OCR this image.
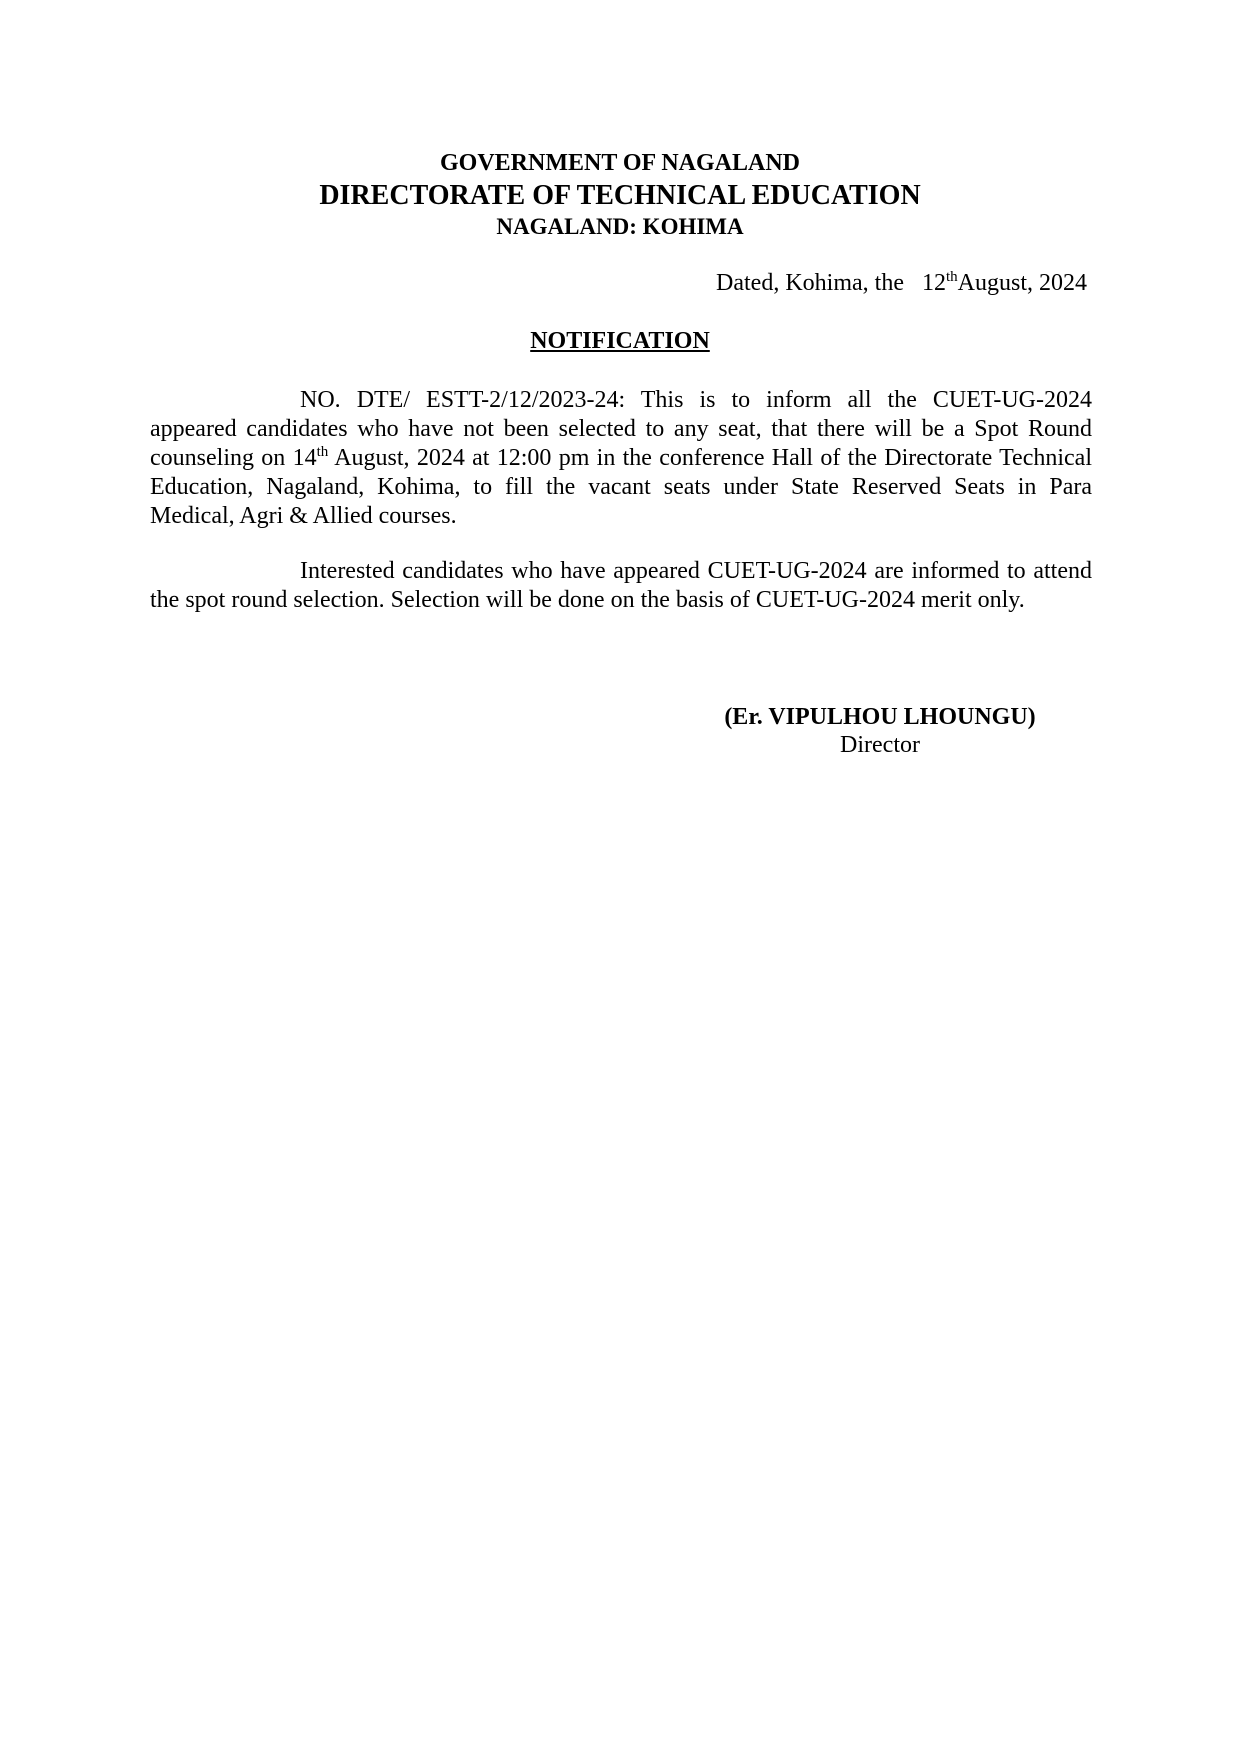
GOVERNMENT OF NAGALAND
DIRECTORATE OF TECHNICAL EDUCATION
NAGALAND: KOHIMA
Dated, Kohima, the 12thAugust, 2024
NOTIFICATION
NO. DTE/ ESTT-2/12/2023-24: This is to inform all the CUET-UG-2024 appeared candidates who have not been selected to any seat, that there will be a Spot Round counseling on 14th August, 2024 at 12:00 pm in the conference Hall of the Directorate Technical Education, Nagaland, Kohima, to fill the vacant seats under State Reserved Seats in Para Medical, Agri & Allied courses.
Interested candidates who have appeared CUET-UG-2024 are informed to attend the spot round selection. Selection will be done on the basis of CUET-UG-2024 merit only.
(Er. VIPULHOU LHOUNGU)
Director
